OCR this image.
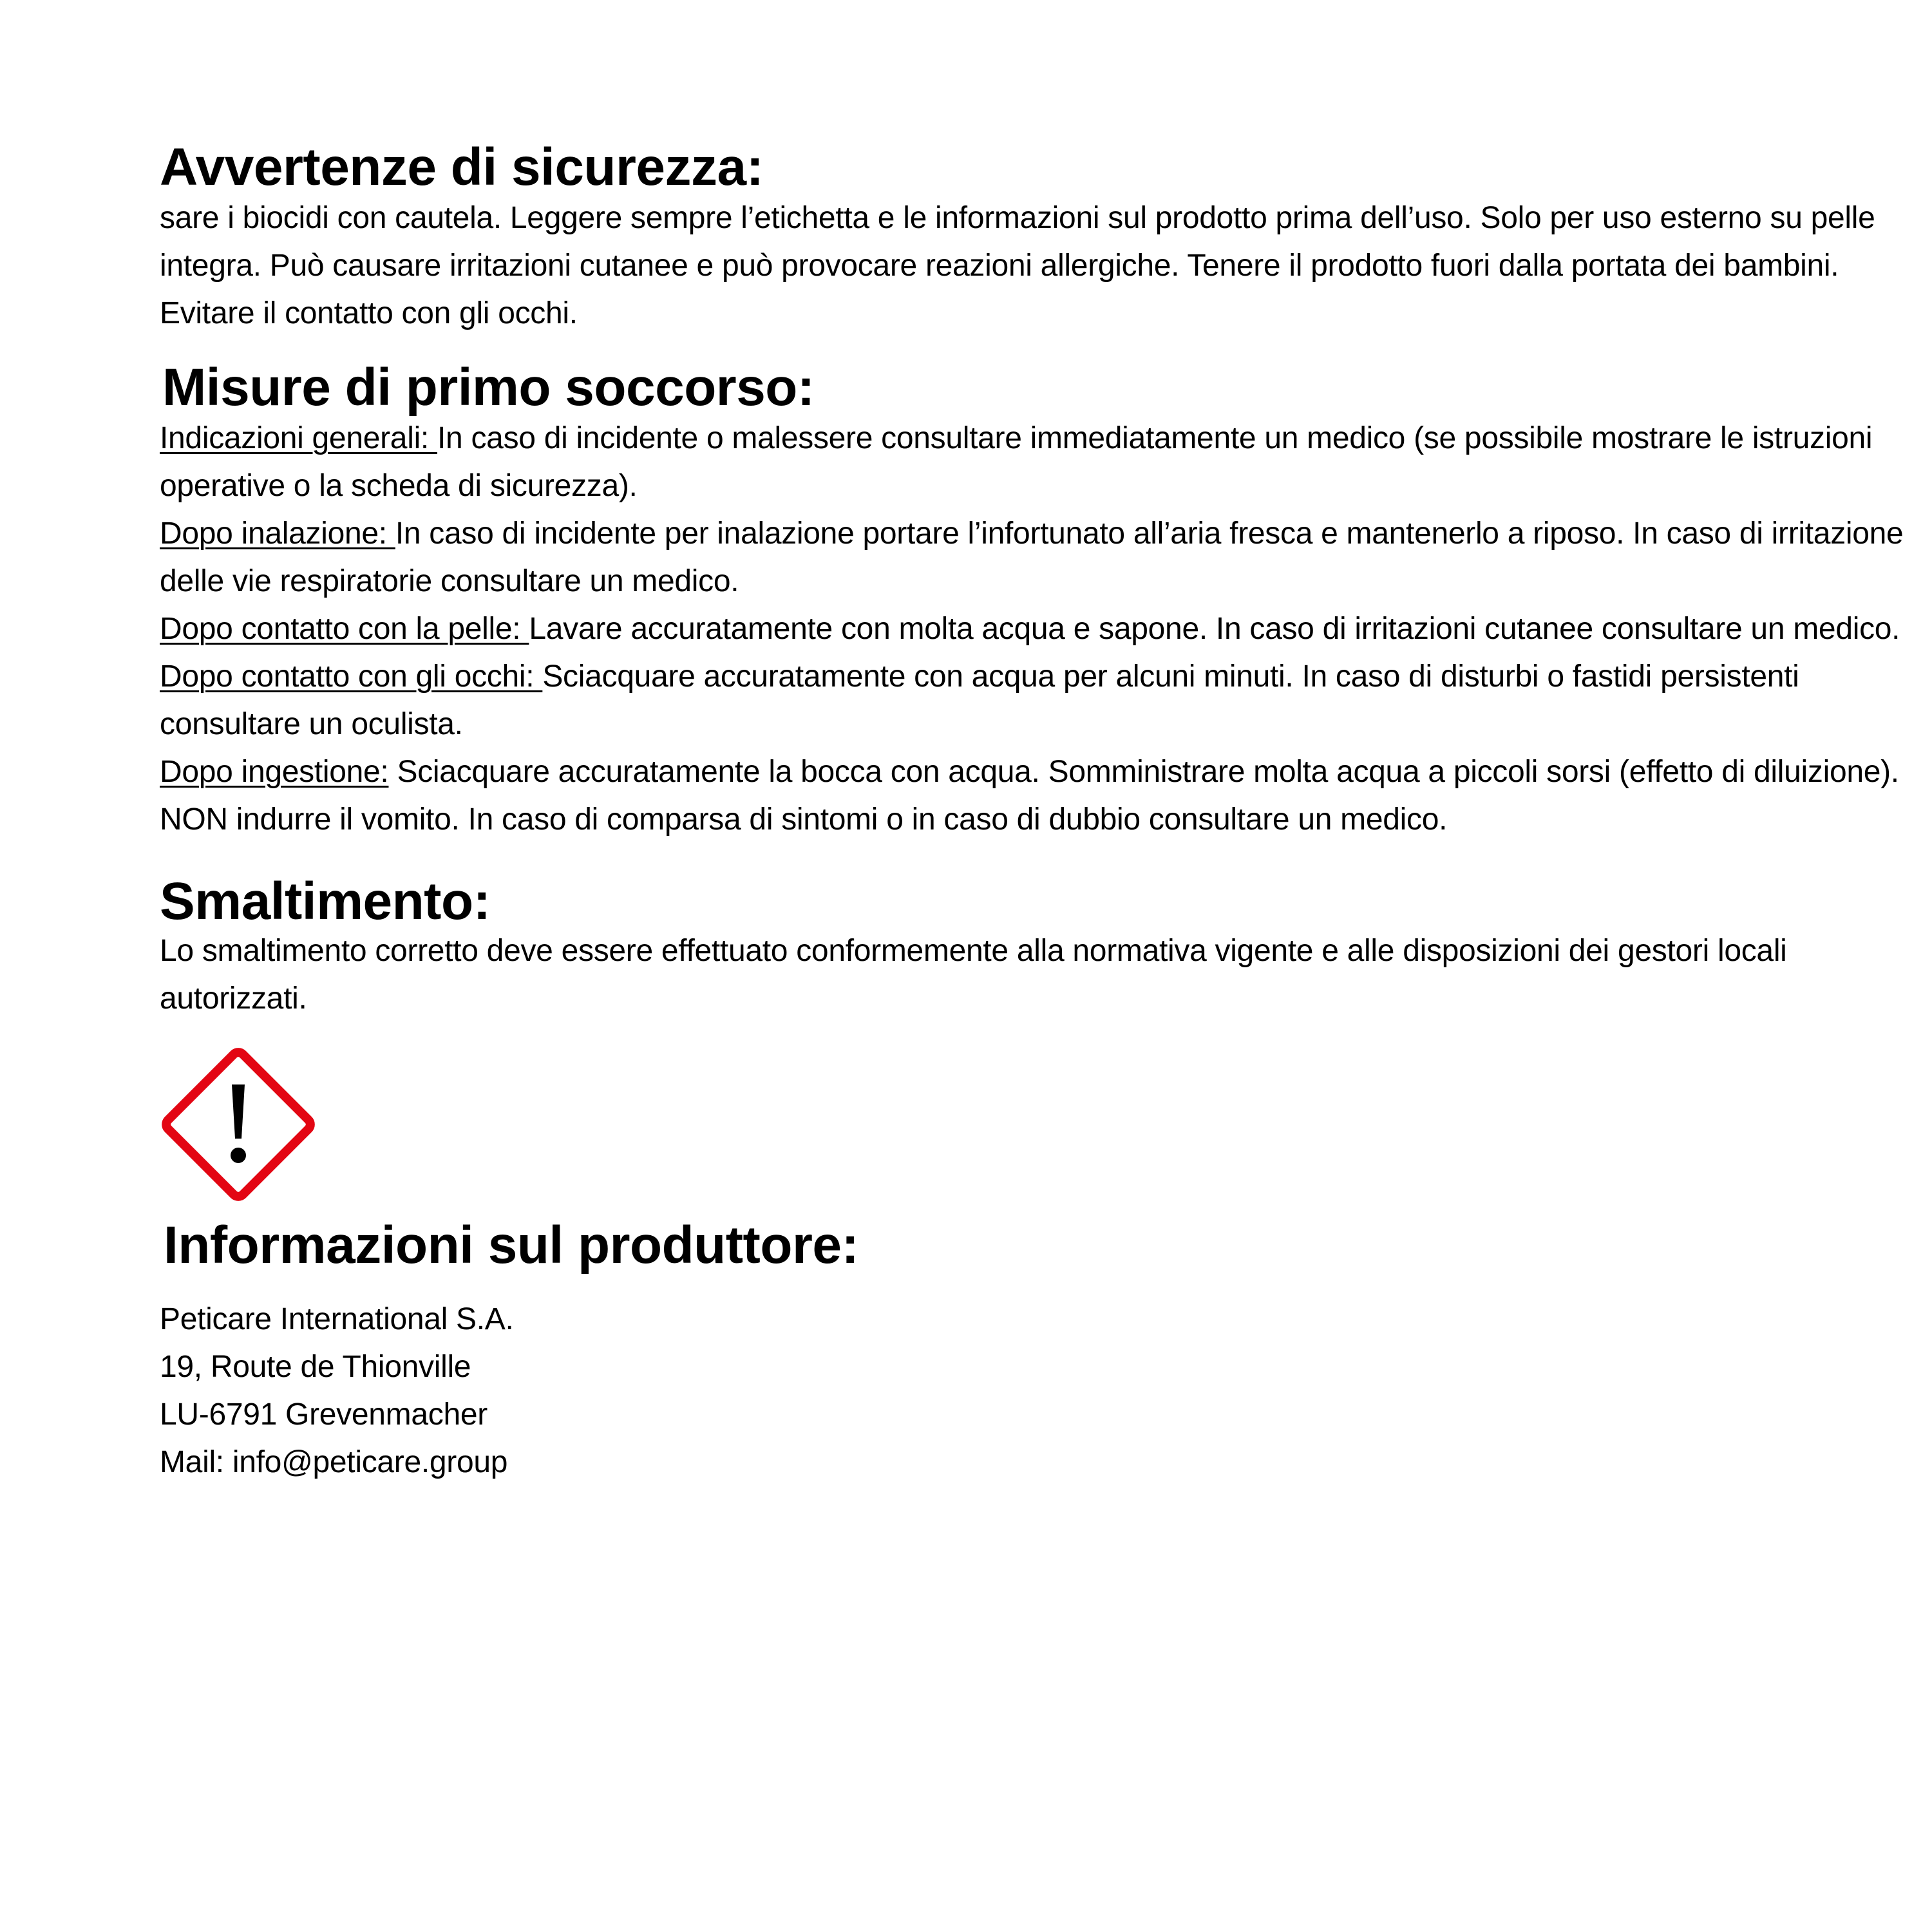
Avvertenze di sicurezza:

sare i biocidi con cautela. Leggere sempre l’etichetta e le informazioni sul prodotto prima dell’uso. Solo per uso esterno su pelle integra. Può causare irritazioni cutanee e può provocare reazioni allergiche. Tenere il prodotto fuori dalla portata dei bambini. Evitare il contatto con gli occhi.

Misure di primo soccorso:

Indicazioni generali: In caso di incidente o malessere consultare immediatamente un medico (se possibile mostrare le istruzioni operative o la scheda di sicurezza).

Dopo inalazione: In caso di incidente per inalazione portare l’infortunato all’aria fresca e mantenerlo a riposo. In caso di irritazione delle vie respiratorie consultare un medico.

Dopo contatto con la pelle: Lavare accuratamente con molta acqua e sapone. In caso di irritazioni cutanee consultare un medico.

Dopo contatto con gli occhi: Sciacquare accuratamente con acqua per alcuni minuti. In caso di disturbi o fastidi persistenti consultare un oculista.

Dopo ingestione: Sciacquare accuratamente la bocca con acqua. Somministrare molta acqua a piccoli sorsi (effetto di diluizione). NON indurre il vomito. In caso di comparsa di sintomi o in caso di dubbio consultare un medico.

Smaltimento:

Lo smaltimento corretto deve essere effettuato conformemente alla normativa vigente e alle disposizioni dei gestori locali autorizzati.

Informazioni sul produttore:

Peticare International S.A.

19, Route de Thionville

LU-6791 Grevenmacher

Mail: info@peticare.group
